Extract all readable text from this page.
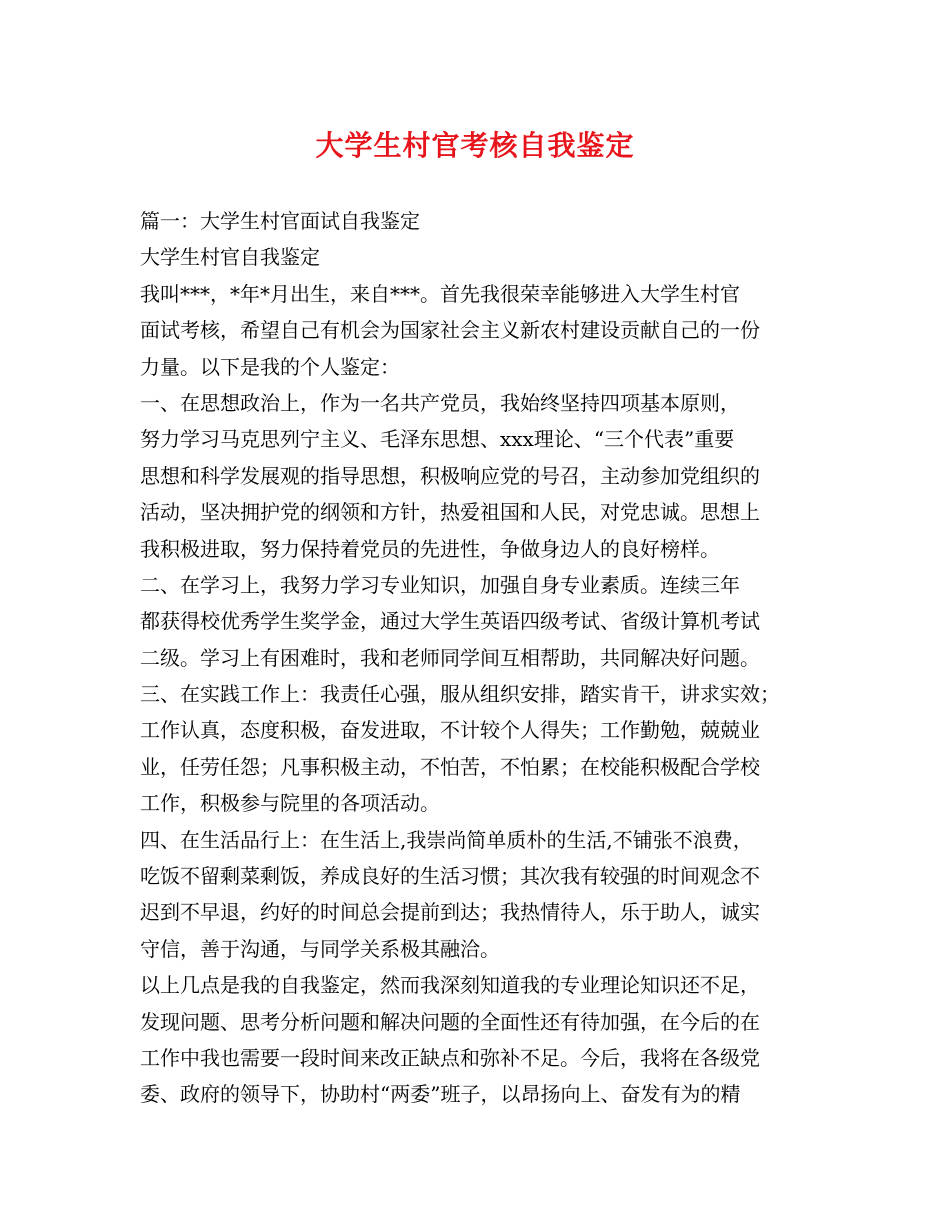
大学生村官考核自我鉴定
篇一：大学生村官面试自我鉴定
大学生村官自我鉴定
我叫***，*年*月出生，来自***。首先我很荣幸能够进入大学生村官
面试考核，希望自己有机会为国家社会主义新农村建设贡献自己的一份
力量。以下是我的个人鉴定：
一、在思想政治上，作为一名共产党员，我始终坚持四项基本原则，
努力学习马克思列宁主义、毛泽东思想、xxx理论、“三个代表”重要
思想和科学发展观的指导思想，积极响应党的号召，主动参加党组织的
活动，坚决拥护党的纲领和方针，热爱祖国和人民，对党忠诚。思想上
我积极进取，努力保持着党员的先进性，争做身边人的良好榜样。
二、在学习上，我努力学习专业知识，加强自身专业素质。连续三年
都获得校优秀学生奖学金，通过大学生英语四级考试、省级计算机考试
二级。学习上有困难时，我和老师同学间互相帮助，共同解决好问题。
三、在实践工作上：我责任心强，服从组织安排，踏实肯干，讲求实效；
工作认真，态度积极，奋发进取，不计较个人得失；工作勤勉，兢兢业
业，任劳任怨；凡事积极主动，不怕苦，不怕累；在校能积极配合学校
工作，积极参与院里的各项活动。
四、在生活品行上：在生活上,我崇尚简单质朴的生活,不铺张不浪费，
吃饭不留剩菜剩饭，养成良好的生活习惯；其次我有较强的时间观念不
迟到不早退，约好的时间总会提前到达；我热情待人，乐于助人，诚实
守信，善于沟通，与同学关系极其融洽。
以上几点是我的自我鉴定，然而我深刻知道我的专业理论知识还不足，
发现问题、思考分析问题和解决问题的全面性还有待加强，在今后的在
工作中我也需要一段时间来改正缺点和弥补不足。今后，我将在各级党
委、政府的领导下，协助村“两委”班子，以昂扬向上、奋发有为的精
